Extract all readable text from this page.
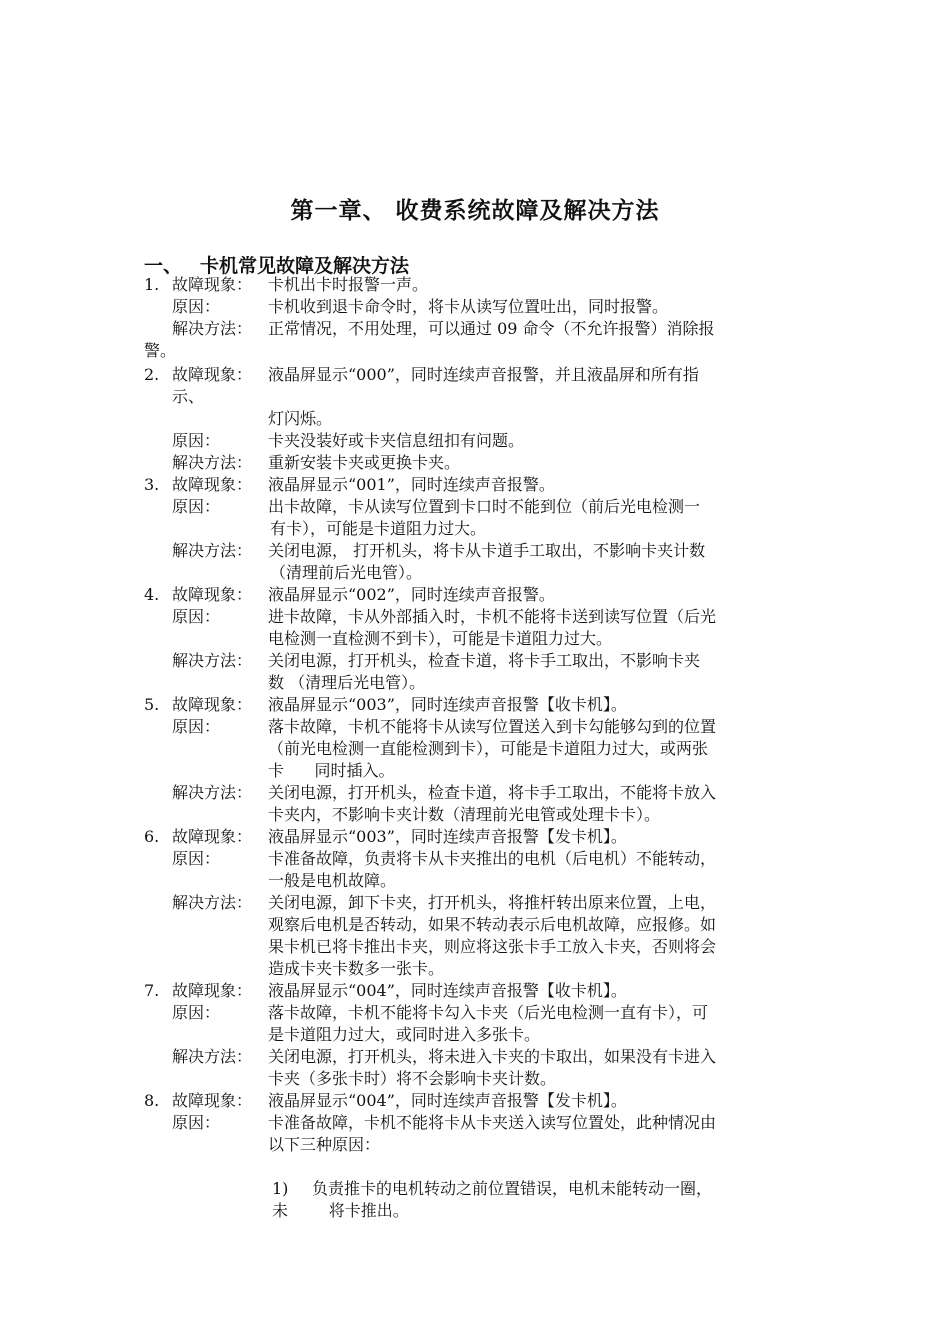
第一章、 收费系统故障及解决方法
一、 卡机常见故障及解决方法
1. 故障现象： 卡机出卡时报警一声。
原因：	卡机收到退卡命令时，将卡从读写位置吐出，同时报警。
解决方法： 正常情况，不用处理，可以通过 09 命令（不允许报警）消除报
警。
2. 故障现象： 液晶屏显示“000”，同时连续声音报警，并且液晶屏和所有指
示、
灯闪烁。
原因：	卡夹没装好或卡夹信息纽扣有问题。
解决方法： 重新安装卡夹或更换卡夹。
3. 故障现象： 液晶屏显示“001”，同时连续声音报警。
原因：	出卡故障，卡从读写位置到卡口时不能到位（前后光电检测一
有卡），可能是卡道阻力过大。
解决方法： 关闭电源， 打开机头，将卡从卡道手工取出，不影响卡夹计数
（清理前后光电管）。
4. 故障现象： 液晶屏显示“002”，同时连续声音报警。
原因：	进卡故障，卡从外部插入时，卡机不能将卡送到读写位置（后光
电检测一直检测不到卡），可能是卡道阻力过大。
解决方法： 关闭电源，打开机头，检查卡道，将卡手工取出，不影响卡夹
数 （清理后光电管）。
5. 故障现象： 液晶屏显示“003”，同时连续声音报警【收卡机】。
原因：	落卡故障，卡机不能将卡从读写位置送入到卡勾能够勾到的位置
（前光电检测一直能检测到卡），可能是卡道阻力过大，或两张
卡      同时插入。
解决方法： 关闭电源，打开机头，检查卡道，将卡手工取出，不能将卡放入
卡夹内，不影响卡夹计数（清理前光电管或处理卡卡）。
6. 故障现象： 液晶屏显示“003”，同时连续声音报警【发卡机】。
原因：	卡准备故障，负责将卡从卡夹推出的电机（后电机）不能转动，
一般是电机故障。
解决方法： 关闭电源，卸下卡夹，打开机头，将推杆转出原来位置，上电，
观察后电机是否转动，如果不转动表示后电机故障，应报修。如
果卡机已将卡推出卡夹，则应将这张卡手工放入卡夹，否则将会
造成卡夹卡数多一张卡。
7. 故障现象： 液晶屏显示“004”，同时连续声音报警【收卡机】。
原因：	落卡故障，卡机不能将卡勾入卡夹（后光电检测一直有卡），可
是卡道阻力过大，或同时进入多张卡。
解决方法： 关闭电源，打开机头，将未进入卡夹的卡取出，如果没有卡进入
卡夹（多张卡时）将不会影响卡夹计数。
8. 故障现象： 液晶屏显示“004”，同时连续声音报警【发卡机】。
原因：	卡准备故障，卡机不能将卡从卡夹送入读写位置处，此种情况由
以下三种原因：
1) 负责推卡的电机转动之前位置错误，电机未能转动一圈，
未        将卡推出。
